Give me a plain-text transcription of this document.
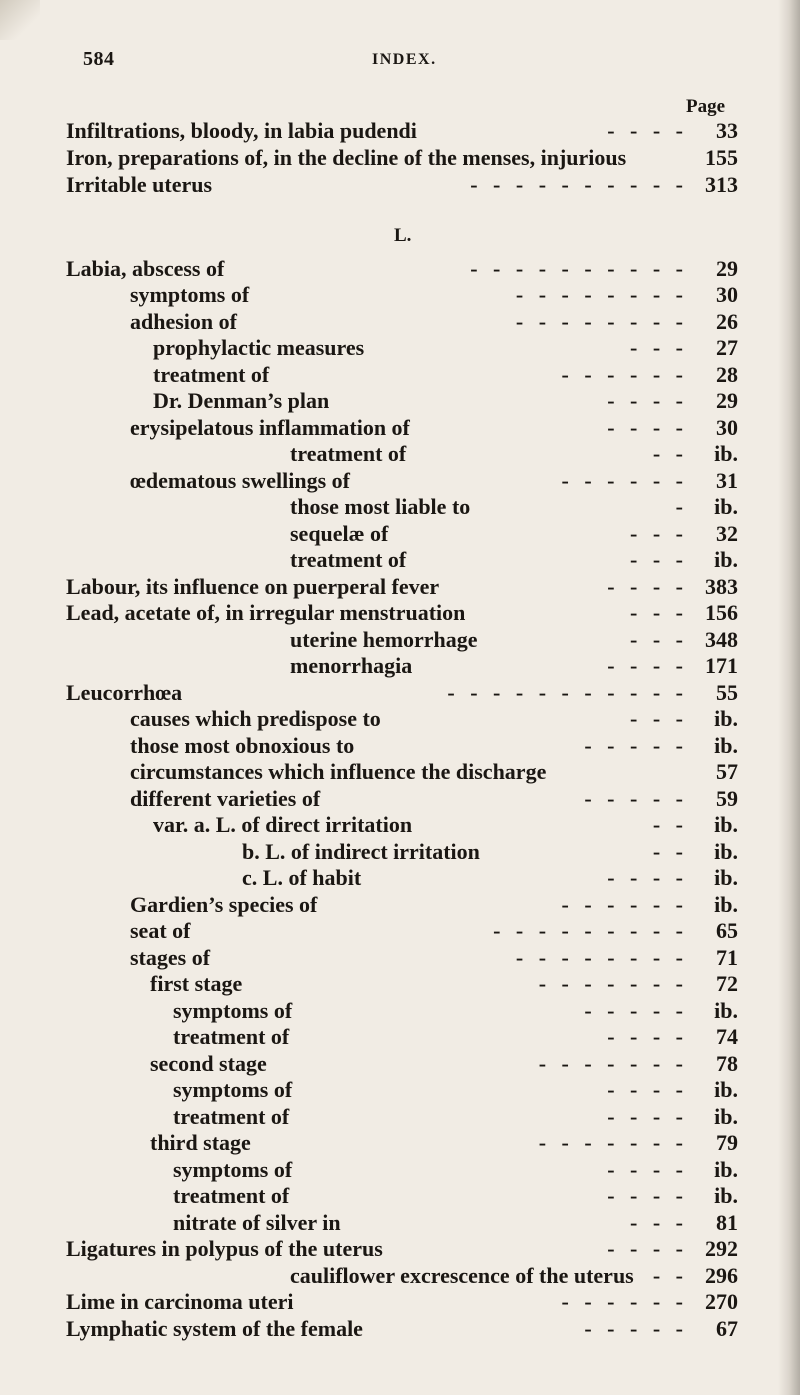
584	INDEX.
Page
L.
Infiltrations, bloody, in labia pudendi	- - - - 33
Iron, preparations of, in the decline of the menses, injurious	155
Irritable uterus	- - - - - - - - - - 313
Labia, abscess of	- - - - - - - - - - 29
symptoms of	- - - - - - - - 30
adhesion of	- - - - - - - - 26
prophylactic measures	- - - 27
treatment of	- - - - - - 28
Dr. Denman’s plan	- - - - 29
erysipelatous inflammation of	- - - - 30
treatment of	- - ib.
œdematous swellings of	- - - - - - 31
those most liable to	- ib.
sequelæ of	- - - 32
treatment of	- - - ib.
Labour, its influence on puerperal fever	- - - - 383
Lead, acetate of, in irregular menstruation	- - - 156
uterine hemorrhage	- - - 348
menorrhagia	- - - - 171
Leucorrhœa	- - - - - - - - - - - 55
causes which predispose to	- - - ib.
those most obnoxious to	- - - - - ib.
circumstances which influence the discharge	57
different varieties of	- - - - - 59
var. a. L. of direct irritation	- - ib.
b. L. of indirect irritation	- - ib.
c. L. of habit	- - - - ib.
Gardien’s species of	- - - - - - ib.
seat of	- - - - - - - - - 65
stages of	- - - - - - - - 71
first stage	- - - - - - - 72
symptoms of	- - - - - ib.
treatment of	- - - - 74
second stage	- - - - - - - 78
symptoms of	- - - - ib.
treatment of	- - - - ib.
third stage	- - - - - - - 79
symptoms of	- - - - ib.
treatment of	- - - - ib.
nitrate of silver in	- - - 81
Ligatures in polypus of the uterus	- - - - 292
cauliflower excrescence of the uterus - - 296
Lime in carcinoma uteri	- - - - - - 270
Lymphatic system of the female	- - - - - 67
